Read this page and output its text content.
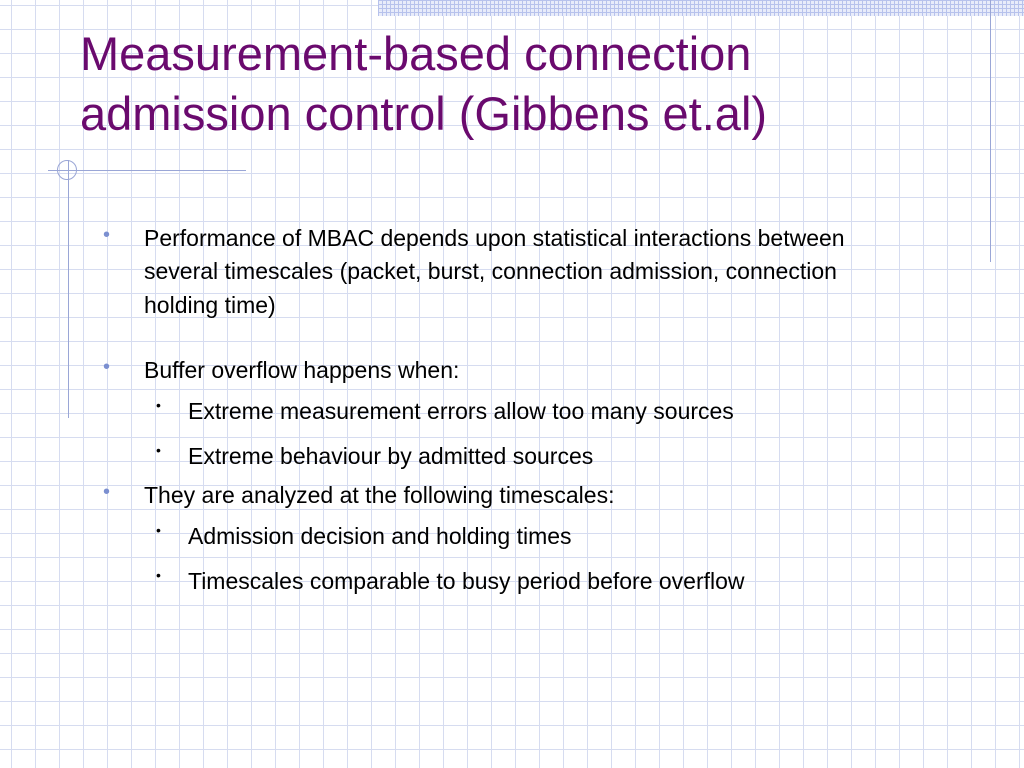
Measurement-based connection
admission control (Gibbens et.al)
• Performance of MBAC depends upon statistical interactions between several timescales (packet, burst, connection admission, connection holding time)
• Buffer overflow happens when:
• Extreme measurement errors allow too many sources
• Extreme behaviour by admitted sources
• They are analyzed at the following timescales:
• Admission decision and holding times
• Timescales comparable to busy period before overflow
